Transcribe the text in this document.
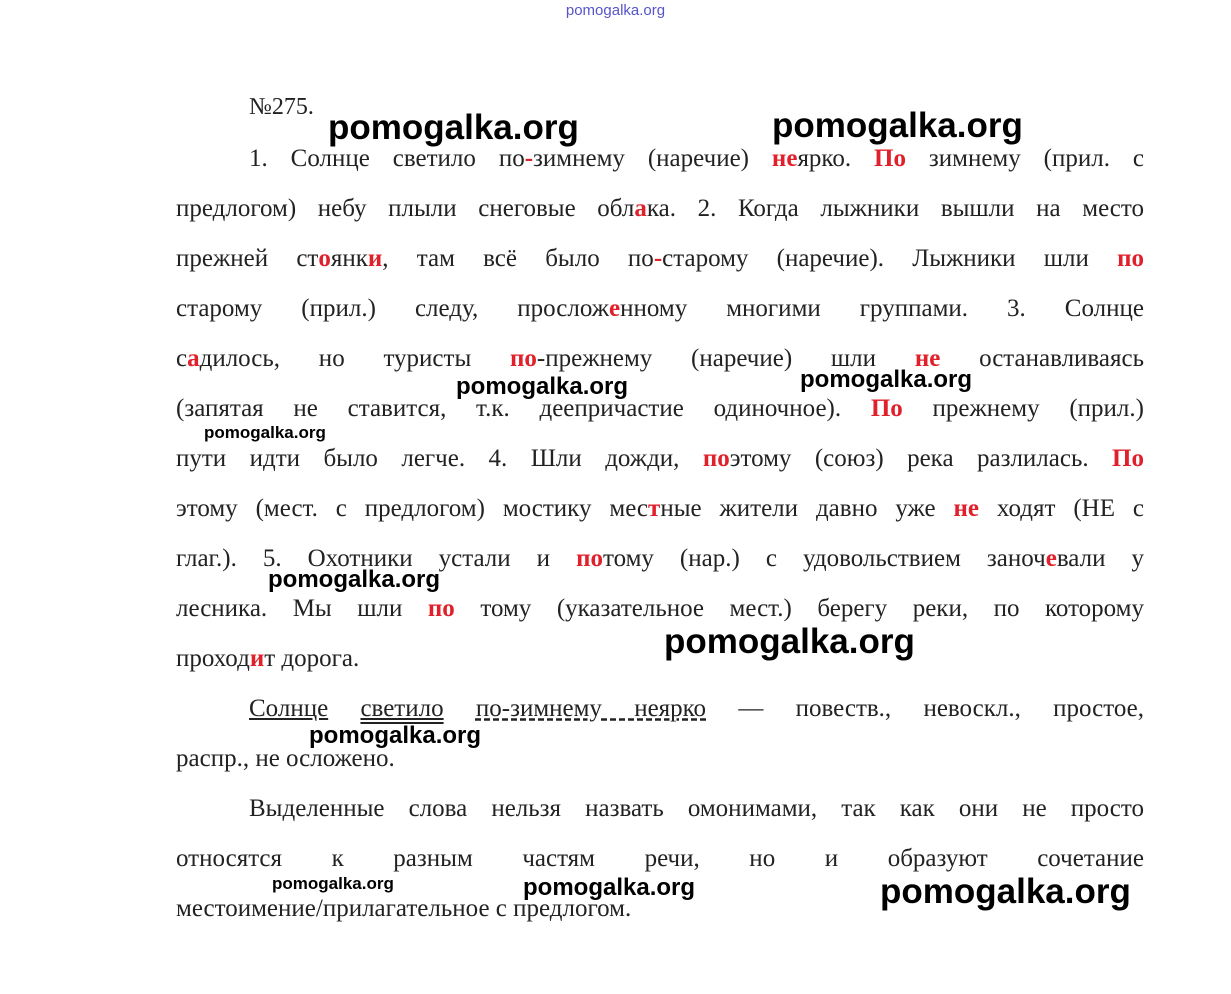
pomogalka.org
№275.
1. Солнце светило по-зимнему (наречие) неярко. По зимнему (прил. с
предлогом) небу плыли снеговые облака. 2. Когда лыжники вышли на место
прежней стоянки, там всё было по-старому (наречие). Лыжники шли по
старому (прил.) следу, просложенному многими группами. 3. Солнце
садилось, но туристы по-прежнему (наречие) шли не останавливаясь
(запятая не ставится, т.к. деепричастие одиночное). По прежнему (прил.)
пути идти было легче. 4. Шли дожди, поэтому (союз) река разлилась. По
этому (мест. с предлогом) мостику местные жители давно уже не ходят (НЕ с
глаг.). 5. Охотники устали и потому (нар.) с удовольствием заночевали у
лесника. Мы шли по тому (указательное мест.) берегу реки, по которому
проходит дорога.
Солнце светило по-зимнему неярко — повеств., невоскл., простое,
распр., не осложено.
Выделенные слова нельзя назвать омонимами, так как они не просто
относятся к разным частям речи, но и образуют сочетание
местоимение/прилагательное с предлогом.
pomogalka.org	pomogalka.org
pomogalka.org	pomogalka.org
pomogalka.org
pomogalka.org
pomogalka.org
pomogalka.org
pomogalka.org	pomogalka.org	pomogalka.org
